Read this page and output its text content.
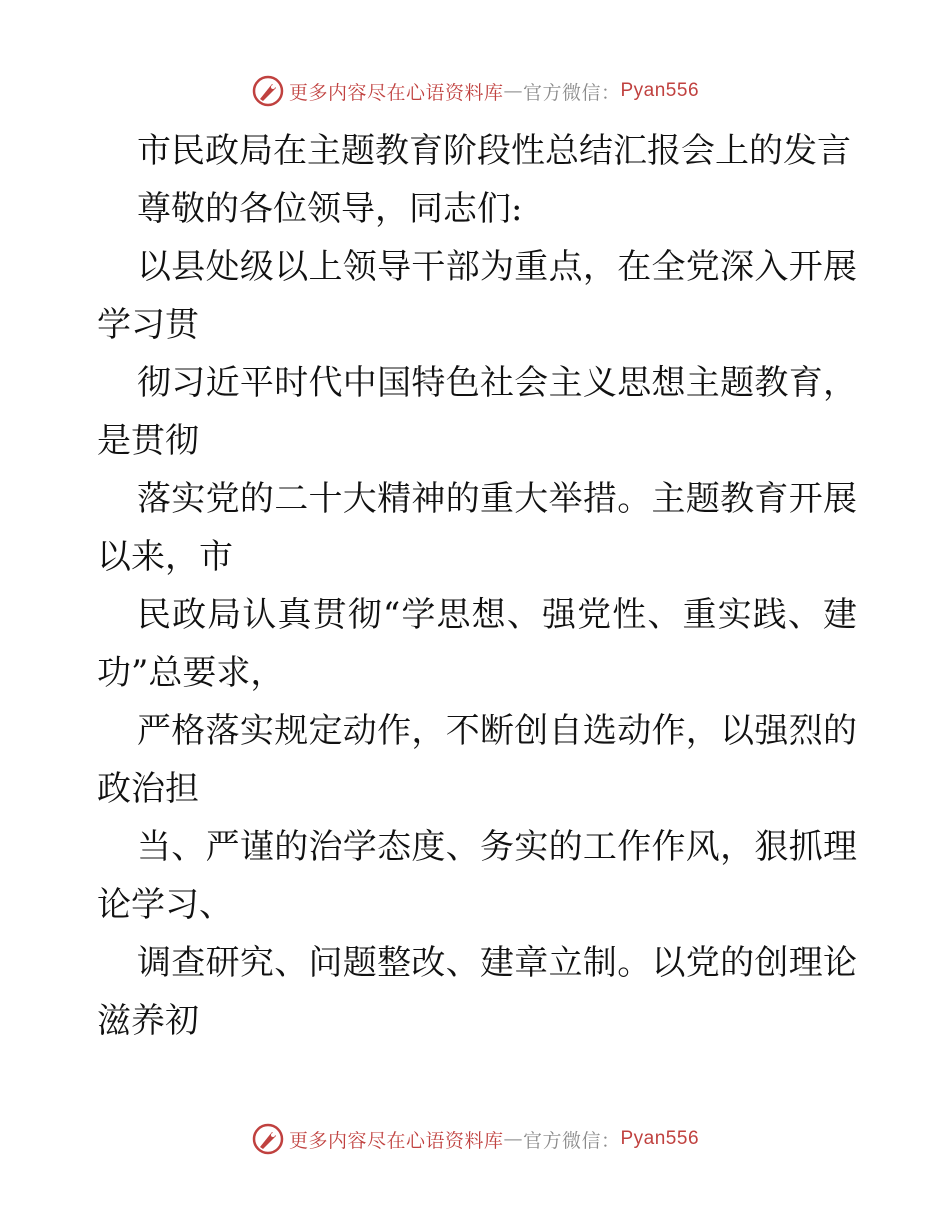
更多内容尽在心语资料库 — 官方微信： Pyan556
市民政局在主题教育阶段性总结汇报会上的发言
尊敬的各位领导，同志们:
以县处级以上领导干部为重点，在全党深入开展
学习贯
彻习近平时代中国特色社会主义思想主题教育，
是贯彻
落实党的二十大精神的重大举措。主题教育开展
以来，市
民政局认真贯彻“学思想、强党性、重实践、建
功”总要求，
严格落实规定动作，不断创自选动作，以强烈的
政治担
当、严谨的治学态度、务实的工作作风，狠抓理
论学习、
调查研究、问题整改、建章立制。以党的创理论
滋养初
更多内容尽在心语资料库 — 官方微信： Pyan556
